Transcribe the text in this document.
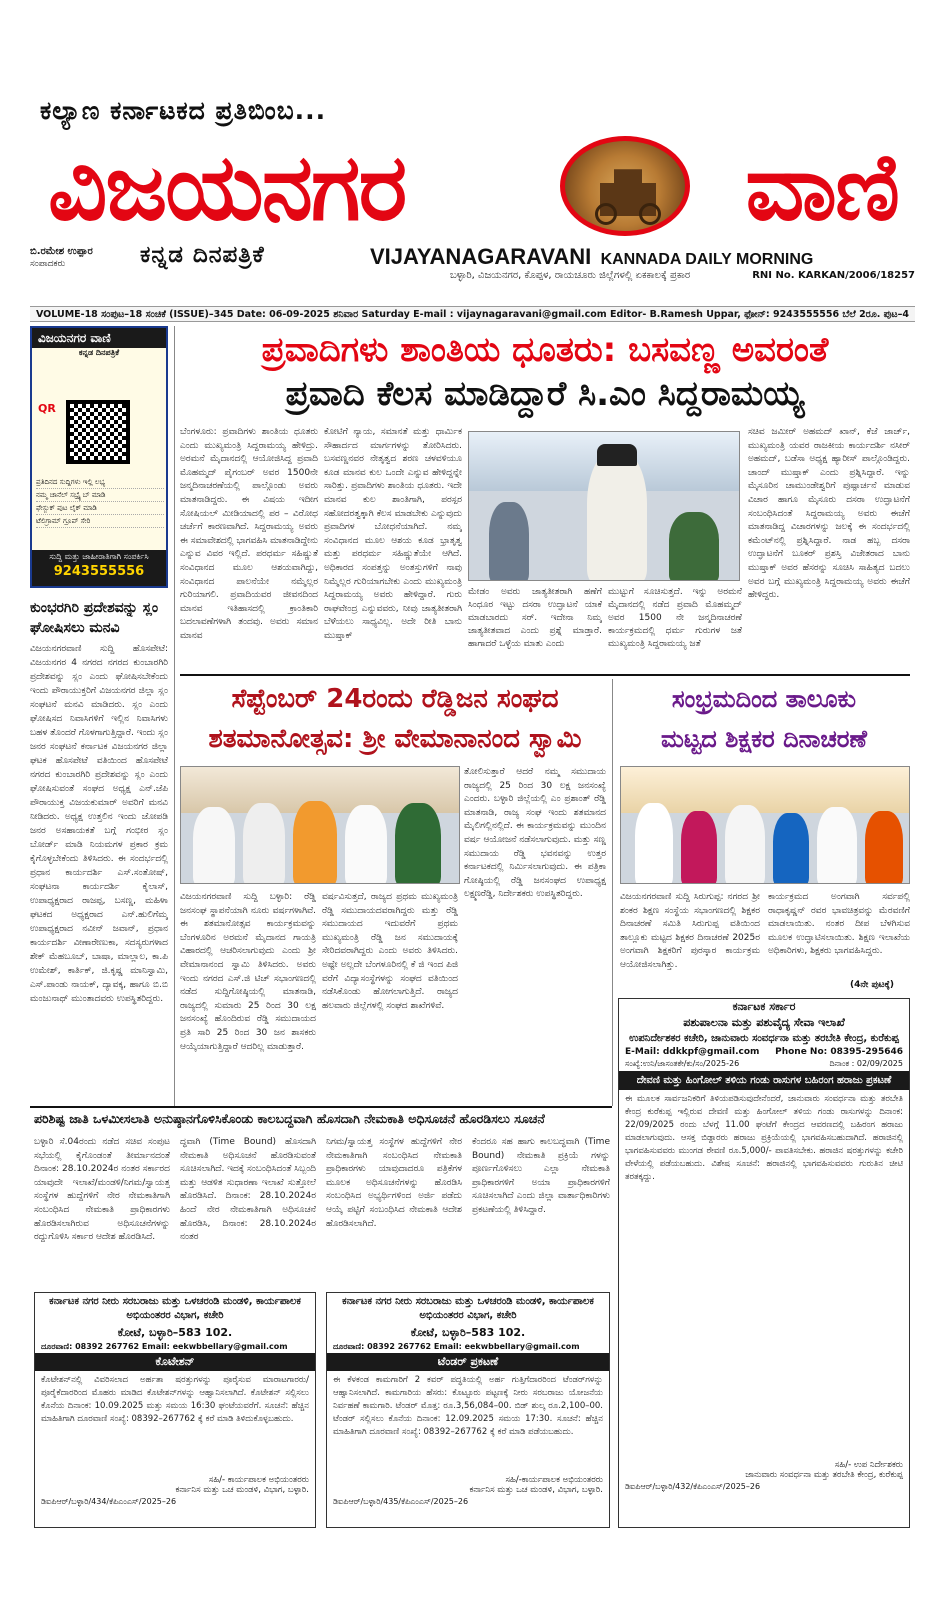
ಕಲ್ಯಾಣ ಕರ್ನಾಟಕದ ಪ್ರತಿಬಿಂಬ...
ವಿಜಯನಗರ	ವಾಣಿ
ಬಿ.ರಮೇಶ ಉಪ್ಪಾರ
ಸಂಪಾದಕರು	ಕನ್ನಡ ದಿನಪತ್ರಿಕೆ	VIJAYANAGARAVANI KANNADA DAILY MORNING
ಬಳ್ಳಾರಿ, ವಿಜಯನಗರ, ಕೊಪ್ಪಳ, ರಾಯಚೂರು ಜಿಲ್ಲೆಗಳಲ್ಲಿ ಏಕಕಾಲಕ್ಕೆ ಪ್ರಕಾರ	RNI No. KARKAN/2006/18257
VOLUME-18 ಸಂಪುಟ–18 ಸಂಚಿಕೆ (ISSUE)–345 Date: 06-09-2025 ಶನಿವಾರ Saturday E-mail : vijaynagaravani@gmail.com Editor- B.Ramesh Uppar, ಫೋನ್: 9243555556 ಬೆಲೆ 2ರೂ. ಪುಟ–4
ವಿಜಯನಗರ ವಾಣಿ
ಕನ್ನಡ ದಿನಪತ್ರಿಕೆ
QR
ಪ್ರತಿದಿನದ ಸುದ್ದಿಗಳು ಇಲ್ಲಿ ಲಭ್ಯ
ನಮ್ಮ ಚಾನೆಲ್ ಸಬ್ಸ್ಕ್ರೈಬ್ ಮಾಡಿ
ಫೇಸ್ಬುಕ್ ಪುಟ ಲೈಕ್ ಮಾಡಿ
ಟೆಲಿಗ್ರಾಮ್ ಗ್ರೂಪ್ ಸೇರಿ
ಸುದ್ದಿ ಮತ್ತು ಜಾಹೀರಾತಿಗಾಗಿ ಸಂಪರ್ಕಿಸಿ
9243555556
ಕುಂಭರಗಿರಿ ಪ್ರದೇಶವನ್ನು ಸ್ಲಂ ಘೋಷಿಸಲು ಮನವಿ
ವಿಜಯನಗರವಾಣಿ ಸುದ್ದಿ ಹೊಸಪೇಟೆ: ವಿಜಯನಗರ 4 ನಗರದ ನಗರದ ಕುಂಬಾರಗಿರಿ ಪ್ರದೇಶವನ್ನು ಸ್ಲಂ ಎಂದು ಘೋಷಿಸಬೇಕೆಂದು ಇಂದು ಪೌರಾಯುಕ್ತರಿಗೆ ವಿಜಯನಗರ ಜಿಲ್ಲಾ ಸ್ಲಂ ಸಂಘಟನೆ ಮನವಿ ಮಾಡಿದರು. ಸ್ಲಂ ಎಂದು ಘೋಷಿಸದ ನಿವಾಸಿಗಳಿಗೆ ಇಲ್ಲಿನ ನಿವಾಸಿಗಳು ಬಹಳ ತೊಂದರೆ ಗೊಳಗಾಗುತ್ತಿದ್ದಾರೆ. ಇಂದು ಸ್ಲಂ ಜನರ ಸಂಘಟನೆ ಕರ್ನಾಟಕ ವಿಜಯನಗರ ಜಿಲ್ಲಾ ಘಟಕ ಹೊಸಪೇಟೆ ವತಿಯಿಂದ ಹೊಸಪೇಟೆ ನಗರದ ಕುಂಬಾರಗಿರಿ ಪ್ರದೇಶವನ್ನು ಸ್ಲಂ ಎಂದು ಘೋಷಿಸುವಂತೆ ಸಂಘದ ಅಧ್ಯಕ್ಷ ಎನ್.ಜೆಪಿ ಪೌರಾಯುಕ್ತ ವಿಜಯಕುಮಾರ್ ಅವರಿಗೆ ಮನವಿ ನೀಡಿದರು. ಅಧ್ಯಕ್ಷ ಉತ್ತಲಿನ ಇಂದು ಜೋಪಡಿ ಜನರ ಅಸಹಾಯಕತೆ ಬಗ್ಗೆ ಗಂಭೀರ ಸ್ಲಂ ಬೋರ್ಡ್ ಮಾಡಿ ನಿಯಮಗಳ ಪ್ರಕಾರ ಕ್ರಮ ಕೈಗೊಳ್ಳಬೇಕೆಂದು ತಿಳಿಸಿದರು. ಈ ಸಂದರ್ಭದಲ್ಲಿ ಪ್ರಧಾನ ಕಾರ್ಯದರ್ಶಿ ಎಸ್.ಸಂತೋಷ್, ಸಂಘಟನಾ ಕಾರ್ಯದರ್ಶಿ ಕೈಲಾಸ್, ಉಪಾಧ್ಯಕ್ಷರಾದ ರಾಜಪ್ಪ, ಬಸಣ್ಣ, ಮಹಿಳಾ ಘಟಕದ ಅಧ್ಯಕ್ಷರಾದ ಎನ್.ಹುಲಿಗೆಮ್ಮ ಉಪಾಧ್ಯಕ್ಷರಾದ ನವೀನ್ ಜವಾನ್, ಪ್ರಧಾನ ಕಾರ್ಯದರ್ಶಿ ವೀಣಾರೇಣುಕಾ, ಸದಸ್ಯರುಗಳಾದ ಶೇಕ್ ಮೆಹಬೂಬ್, ಬಾಷಾ, ಮಾಲ್ಲಾಲ, ಕಾ.ಪಿ ಉಮೇಶ್, ಕಾರ್ತಿಕ್, ಜಿ.ಕೃಷ್ಣ ಮಾನಿಸ್ವಾಮಿ, ಎಸ್.ಪಾಂಡು ನಾಯಕ್, ದ್ಯಾವಕ್ಕ, ಹಾಗೂ ಬಿ.ಬಿ ಮಂಜುನಾಥ್ ಮುಂತಾದವರು ಉಪಸ್ಥಿತರಿದ್ದರು.
ಪ್ರವಾದಿಗಳು ಶಾಂತಿಯ ಧೂತರು: ಬಸವಣ್ಣ ಅವರಂತೆ
ಪ್ರವಾದಿ ಕೆಲಸ ಮಾಡಿದ್ದಾರೆ ಸಿ.ಎಂ ಸಿದ್ದರಾಮಯ್ಯ
ಬೆಂಗಳೂರು: ಪ್ರವಾದಿಗಳು ಶಾಂತಿಯ ಧೂತರು ಎಂದು ಮುಖ್ಯಮಂತ್ರಿ ಸಿದ್ದರಾಮಯ್ಯ ಹೇಳಿದ್ರು. ಅರಮನೆ ಮೈದಾನದಲ್ಲಿ ಆಯೋಜಿಸಿದ್ದ ಪ್ರವಾದಿ ಮೊಹಮ್ಮದ್ ಪೈಗಂಬರ್ ಅವರ 1500ನೇ ಜನ್ಮದಿನಾಚರಣೆಯಲ್ಲಿ ಪಾಲ್ಗೊಂಡು ಅವರು ಮಾತನಾಡಿದ್ದರು. ಈ ವಿಷಯ ಇದೀಗ ಸೋಷಿಯಲ್ ಮೀಡಿಯಾದಲ್ಲಿ ಪರ – ವಿರೋಧ ಚರ್ಚೆಗೆ ಕಾರಣವಾಗಿದೆ. ಸಿದ್ದರಾಮಯ್ಯ ಅವರು ಈ ಸಮಾವೇಶದಲ್ಲಿ ಭಾಗವಹಿಸಿ ಮಾತನಾಡಿದ್ದೇನು ಎನ್ನುವ ವಿವರ ಇಲ್ಲಿದೆ. ಪರಧರ್ಮ ಸಹಿಷ್ಣುತೆ ಸಂವಿಧಾನದ ಮೂಲ ಆಶಯವಾಗಿದ್ದು, ಸಂವಿಧಾನದ ಪಾಲನೆಯೇ ನಮ್ಮೆಲ್ಲರ ಗುರಿಯಾಗಲಿ. ಪ್ರವಾದಿಯವರ ಜೀವನದಿಂದ ಮಾನವ ಇತಿಹಾಸದಲ್ಲಿ ಕ್ರಾಂತಿಕಾರಿ ಬದಲಾವಣೆಗಳಾಗಿ ತಂದವು. ಅವರು ಸಮಾನ ಮಾನವ
ಕೋಟಿಗೆ ನ್ಯಾಯ, ಸಮಾನತೆ ಮತ್ತು ಧಾರ್ಮಿಕ ಸೌಹಾರ್ದದ ಮಾರ್ಗಗಳನ್ನು ತೋರಿಸಿದರು. ಬಸವಣ್ಣನವರ ನೇತೃತ್ವದ ಶರಣ ಚಳವಳಿಯೂ ಕೂಡ ಮಾನವ ಕುಲ ಒಂದೇ ಎನ್ನುವ ಹೇಳಿದ್ದನ್ನೇ ಸಾರಿತ್ತು. ಪ್ರವಾದಿಗಳು ಶಾಂತಿಯ ಧೂತರು. ಇದೇ ಮಾನವ ಕುಲ ಶಾಂತಿಗಾಗಿ, ಪರಸ್ಪರ ಸಹೋದರತ್ವಕ್ಕಾಗಿ ಕೆಲಸ ಮಾಡಬೇಕು ಎನ್ನುವುದು ಪ್ರವಾದಿಗಳ ಬೋಧನೆಯಾಗಿದೆ. ನಮ್ಮ ಸಂವಿಧಾನದ ಮೂಲ ಆಶಯ ಕೂಡ ಭ್ರಾತೃತ್ವ ಮತ್ತು ಪರಧರ್ಮ ಸಹಿಷ್ಣುತೆಯೇ ಆಗಿದೆ. ಅಧಿಕಾರದ ಸಂಪತ್ತನ್ನು ಅಂತಸ್ತುಗಳಿಗೆ ನಾವು ನಿಮ್ಮೆಲ್ಲರ ಗುರಿಯಾಗಬೇಕು ಎಂದು ಮುಖ್ಯಮಂತ್ರಿ ಸಿದ್ದರಾಮಯ್ಯ ಅವರು ಹೇಳಿದ್ದಾರೆ. ಗುರು ರಾಘವೇಂದ್ರ ಎನ್ನುವವರು, ನೀವು ಜಾತ್ಯತೀತರಾಗಿ ಬೆಳೆಯಲು ಸಾಧ್ಯವಿಲ್ಲ. ಅದೇ ರೀತಿ ಬಾನು ಮುಷ್ತಾಕ್
ಮೇಡಂ ಅವರು ಜಾತ್ಯತೀತರಾಗಿ ಹಣೆಗೆ ಸಿಂಧೂರ ಇಟ್ಟು ದಸರಾ ಉದ್ಘಾಟನೆ ಯಾಕೆ ಮಾಡಬಾರದು ಸರ್. ಇದೇನಾ ನಿಮ್ಮ ಜಾತ್ಯತೀತವಾದ ಎಂದು ಪ್ರಶ್ನೆ ಮಾಡ್ತಾರೆ. ಹಾಗಾದರೆ ಒಳ್ಳೆಯ ಮಾತು ಎಂದು
ಮುಟ್ಟುಗೆ ಸೂಚಿಸುತ್ತದೆ. ಇನ್ನು ಅರಮನೆ ಮೈದಾನದಲ್ಲಿ ನಡೆದ ಪ್ರವಾದಿ ಮೊಹಮ್ಮದ್ ಅವರ 1500 ನೇ ಜನ್ಮದಿನಾಚರಣೆ ಕಾರ್ಯಕ್ರಮದಲ್ಲಿ ಧರ್ಮ ಗುರುಗಳ ಜತೆ ಮುಖ್ಯಮಂತ್ರಿ ಸಿದ್ದರಾಮಯ್ಯ ಜತೆ
ಸಚಿವ ಜಮೀರ್ ಅಹಮದ್ ಖಾನ್, ಕೆಜೆ ಜಾರ್ಜ್, ಮುಖ್ಯಮಂತ್ರಿ ಯವರ ರಾಜಕೀಯ ಕಾರ್ಯದರ್ಶಿ ನಸೀರ್ ಅಹಮದ್, ಬಡೆಸಾ ಅಧ್ಯಕ್ಷ ಹ್ಯಾರೀಸ್ ಪಾಲ್ಗೊಂಡಿದ್ದರು. ಚಾಂದ್ ಮುಷ್ತಾಕ್ ಎಂದು ಪ್ರಶ್ನಿಸಿದ್ದಾರೆ. ಇನ್ನು ಮೈಸೂರಿನ ಚಾಮುಂಡೇಶ್ವರಿಗೆ ಪುಷ್ಪಾರ್ಚನೆ ಮಾಡುವ ವಿಚಾರ ಹಾಗೂ ಮೈಸೂರು ದಸರಾ ಉದ್ಘಾಟನೆಗೆ ಸಂಬಂಧಿಸಿದಂತೆ ಸಿದ್ದರಾಮಯ್ಯ ಅವರು ಈಚೆಗೆ ಮಾತನಾಡಿದ್ದ ವಿಚಾರಗಳನ್ನು ಜಲಕ್ಕೆ ಈ ಸಂದರ್ಭದಲ್ಲಿ ಕಮೆಂಟ್‌ನಲ್ಲಿ ಪ್ರಶ್ನಿಸಿದ್ದಾರೆ. ನಾಡ ಹಬ್ಬ ದಸರಾ ಉದ್ಘಾಟನೆಗೆ ಬೂಕರ್ ಪ್ರಶಸ್ತಿ ವಿಜೇತರಾದ ಬಾನು ಮುಷ್ತಾಕ್ ಅವರ ಹೆಸರನ್ನು ಸೂಚಿಸಿ ಸಾಹಿತ್ಯದ ಬದಲು ಅವರ ಬಗ್ಗೆ ಮುಖ್ಯಮಂತ್ರಿ ಸಿದ್ದರಾಮಯ್ಯ ಅವರು ಈಚೆಗೆ ಹೇಳಿದ್ದರು.
ಸೆಪ್ಟೆಂಬರ್ 24ರಂದು ರೆಡ್ಡಿಜನ ಸಂಘದ
ಶತಮಾನೋತ್ಸವ: ಶ್ರೀ ವೇಮಾನಾನಂದ ಸ್ವಾಮಿ
ವಿಜಯನಗರವಾಣಿ ಸುದ್ದಿ ಬಳ್ಳಾರಿ: ರೆಡ್ಡಿ ಜನಸಂಘ ಸ್ಥಾಪನೆಯಾಗಿ ನೂರು ವರ್ಷಗಳಾಗಿವೆ. ಈ ಶತಮಾನೋತ್ಸವ ಕಾರ್ಯಕ್ರಮವನ್ನು ಬೆಂಗಳೂರಿನ ಅರಮನೆ ಮೈದಾನದ ಗಾಯತ್ರಿ ವಿಹಾರದಲ್ಲಿ ಆಚರಿಸಲಾಗುವುದು ಎಂದು ಶ್ರೀ ವೇಮಾನಾನಂದ ಸ್ವಾಮಿ ತಿಳಿಸಿದರು. ಅವರು ಇಂದು ನಗರದ ಎಸ್.ಜಿ ಟಿಚ್ ಸಭಾಂಗಣದಲ್ಲಿ ನಡೆದ ಸುದ್ದಿಗೋಷ್ಠಿಯಲ್ಲಿ ಮಾತನಾಡಿ, ರಾಜ್ಯದಲ್ಲಿ ಸುಮಾರು 25 ರಿಂದ 30 ಲಕ್ಷ ಜನಸಂಖ್ಯೆ ಹೊಂದಿರುವ ರೆಡ್ಡಿ ಸಮುದಾಯದ ಪ್ರತಿ ಸಾರಿ 25 ರಿಂದ 30 ಜನ ಶಾಸಕರು ಆಯ್ಕೆಯಾಗುತ್ತಿದ್ದಾರೆ ಆದರಿಲ್ಲ ಮಾಡುತ್ತಾರೆ.
ವರ್ಷವಿಸುತ್ತದೆ, ರಾಜ್ಯದ ಪ್ರಥಮ ಮುಖ್ಯಮಂತ್ರಿ ರೆಡ್ಡಿ ಸಮುದಾಯದವರಾಗಿದ್ದರು ಮತ್ತು ರೆಡ್ಡಿ ಸಮುದಾಯದ ಇದುವರೆಗೆ ಪ್ರಥಮ ಮುಖ್ಯಮಂತ್ರಿ ರೆಡ್ಡಿ ಜನ ಸಮುದಾಯಕ್ಕೆ ಸೇರಿದವರಾಗಿದ್ದರು ಎಂದು ಅವರು ತಿಳಿಸಿದರು. ಅಷ್ಟೇ ಅಲ್ಲದೇ ಬೆಂಗಳೂರಿನಲ್ಲಿ ಕೆ ಜಿ ಇಂದ ಪಿಜಿ ವರೆಗೆ ವಿದ್ಯಾಸಂಸ್ಥೆಗಳನ್ನು ಸಂಘದ ವತಿಯಿಂದ ನಡೆಸಿಕೊಂಡು ಹೋಗಲಾಗುತ್ತಿದೆ. ರಾಜ್ಯದ ಹಲವಾರು ಜಿಲ್ಲೆಗಳಲ್ಲಿ ಸಂಘದ ಶಾಖೆಗಳಿವೆ.
ತೋಲಿಸುತ್ತಾರೆ ಆದರೆ ನಮ್ಮ ಸಮುದಾಯ ರಾಜ್ಯದಲ್ಲಿ 25 ರಿಂದ 30 ಲಕ್ಷ ಜನಸಂಖ್ಯೆ ಎಂದರು. ಬಳ್ಳಾರಿ ಜಿಲ್ಲೆಯಲ್ಲಿ ಎಂ ಪ್ರಶಾಂತ್ ರೆಡ್ಡಿ ಮಾತನಾಡಿ, ರಾಜ್ಯ ಸಂಘ ಇಂದು ಶತಮಾನದ ಮೈಲಿಗಲ್ಲಿನಲ್ಲಿದೆ. ಈ ಕಾರ್ಯಕ್ರಮವನ್ನು ಮುಂದಿನ ವರ್ಷ ಆಯೋಜನೆ ನಡೆಸಲಾಗುವುದು. ಮತ್ತು ಸಣ್ಣ ಸಮುದಾಯ ರೆಡ್ಡಿ ಭವನವನ್ನು ಉತ್ತರ ಕರ್ನಾಟಕದಲ್ಲಿ ನಿರ್ಮಿಸಲಾಗುವುದು. ಈ ಪತ್ರಿಕಾ ಗೋಷ್ಠಿಯಲ್ಲಿ ರೆಡ್ಡಿ ಜನಸಂಘದ ಉಪಾಧ್ಯಕ್ಷ ಲಕ್ಷ್ಮಣರೆಡ್ಡಿ, ನಿರ್ದೇಶಕರು ಉಪಸ್ಥಿತರಿದ್ದರು.
ಸಂಭ್ರಮದಿಂದ ತಾಲೂಕು
ಮಟ್ಟದ ಶಿಕ್ಷಕರ ದಿನಾಚರಣೆ
ವಿಜಯನಗರವಾಣಿ ಸುದ್ದಿ ಸಿರುಗುಪ್ಪ: ನಗರದ ಶ್ರೀ ಶಂಕರ ಶಿಕ್ಷಣ ಸಂಸ್ಥೆಯ ಸಭಾಂಗಣದಲ್ಲಿ ಶಿಕ್ಷಕರ ದಿನಾಚರಣೆ ಸಮಿತಿ ಸಿರುಗುಪ್ಪ ವತಿಯಿಂದ ತಾಲ್ಲೂಕು ಮಟ್ಟದ ಶಿಕ್ಷಕರ ದಿನಾಚರಣೆ 2025ರ ಅಂಗವಾಗಿ ಶಿಕ್ಷಕರಿಗೆ ಪುರಸ್ಕಾರ ಕಾರ್ಯಕ್ರಮ ಆಯೋಜಿಸಲಾಗಿತ್ತು.
ಕಾರ್ಯಕ್ರಮದ ಅಂಗವಾಗಿ ಸರ್ವಪಲ್ಲಿ ರಾಧಾಕೃಷ್ಣನ್ ರವರ ಭಾವಚಿತ್ರವನ್ನು ಮೆರವಣಿಗೆ ಮಾಡಲಾಯಿತು. ನಂತರ ದೀಪ ಬೆಳಗಿಸುವ ಮೂಲಕ ಉದ್ಘಾಟಿಸಲಾಯಿತು. ಶಿಕ್ಷಣ ಇಲಾಖೆಯ ಅಧಿಕಾರಿಗಳು, ಶಿಕ್ಷಕರು ಭಾಗವಹಿಸಿದ್ದರು.
(4ನೇ ಪುಟಕ್ಕೆ)
ಕರ್ನಾಟಕ ಸರ್ಕಾರ
ಪಶುಪಾಲನಾ ಮತ್ತು ಪಶುವೈದ್ಯ ಸೇವಾ ಇಲಾಖೆ
ಉಪನಿರ್ದೇಶಕರ ಕಚೇರಿ, ಜಾನುವಾರು ಸಂವರ್ಧನಾ ಮತ್ತು ತರಬೇತಿ ಕೇಂದ್ರ, ಕುರೆಕುಪ್ಪ
E-Mail: ddkkpf@gmail.com Phone No: 08395-295646
ಸಂಖ್ಯೆ:ಉನಿ/ಜಾಸಂತಕೇ/ಕು/ಸಂ/2025-26	ದಿನಾಂಕ : 02/09/2025
ದೇವಣಿ ಮತ್ತು ಹಿಂಗೋಲ್ ತಳಿಯ ಗಂಡು ರಾಸುಗಳ ಬಹಿರಂಗ ಹರಾಜು ಪ್ರಕಟಣೆ
ಈ ಮೂಲಕ ಸಾರ್ವಜನಿಕರಿಗೆ ತಿಳಿಯಪಡಿಸುವುದೇನೆಂದರೆ, ಜಾನುವಾರು ಸಂವರ್ಧನಾ ಮತ್ತು ತರಬೇತಿ ಕೇಂದ್ರ ಕುರೆಕುಪ್ಪ ಇಲ್ಲಿರುವ ದೇವಣಿ ಮತ್ತು ಹಿಂಗೋಲ್ ತಳಿಯ ಗಂಡು ರಾಸುಗಳನ್ನು ದಿನಾಂಕ: 22/09/2025 ರಂದು ಬೆಳಗ್ಗೆ 11.00 ಘಂಟೆಗೆ ಕೇಂದ್ರದ ಆವರಣದಲ್ಲಿ ಬಹಿರಂಗ ಹರಾಜು ಮಾಡಲಾಗುವುದು. ಆಸಕ್ತ ಬಿಡ್ದಾರರು ಹರಾಜು ಪ್ರಕ್ರಿಯೆಯಲ್ಲಿ ಭಾಗವಹಿಸಬಹುದಾಗಿದೆ. ಹರಾಜಿನಲ್ಲಿ ಭಾಗವಹಿಸುವವರು ಮುಂಗಡ ಠೇವಣಿ ರೂ.5,000/- ಪಾವತಿಸಬೇಕು. ಹರಾಜಿನ ಷರತ್ತುಗಳನ್ನು ಕಚೇರಿ ವೇಳೆಯಲ್ಲಿ ಪಡೆಯಬಹುದು. ವಿಶೇಷ ಸೂಚನೆ: ಹರಾಜಿನಲ್ಲಿ ಭಾಗವಹಿಸುವವರು ಗುರುತಿನ ಚೀಟಿ ತರತಕ್ಕದ್ದು.
ಸಹಿ/- ಉಪ ನಿರ್ದೇಶಕರು
ಜಾನುವಾರು ಸಂವರ್ಧನಾ ಮತ್ತು ತರಬೇತಿ ಕೇಂದ್ರ, ಕುರೆಕುಪ್ಪ
ಡಿಐಪಿಆರ್/ಬಳ್ಳಾರಿ/432/ಕೆಪಿಎಂಎಸ್/2025–26
ಪರಿಶಿಷ್ಟ ಜಾತಿ ಒಳಮೀಸಲಾತಿ ಅನುಷ್ಠಾನಗೊಳಿಸಿಕೊಂಡು ಕಾಲಬದ್ಧವಾಗಿ ಹೊಸದಾಗಿ ನೇಮಕಾತಿ ಅಧಿಸೂಚನೆ ಹೊರಡಿಸಲು ಸೂಚನೆ
ಬಳ್ಳಾರಿ ಸೆ.04ರಂದು ನಡೆದ ಸಚಿವ ಸಂಪುಟ ಸಭೆಯಲ್ಲಿ ಕೈಗೊಂಡಂತೆ ತೀರ್ಮಾನದಂತೆ ದಿನಾಂಕ: 28.10.2024ರ ನಂತರ ಸರ್ಕಾರದ ಯಾವುದೇ ಇಲಾಖೆ/ಮಂಡಳಿ/ನಿಗಮ/ಸ್ವಾಯತ್ತ ಸಂಸ್ಥೆಗಳ ಹುದ್ದೆಗಳಿಗೆ ನೇರ ನೇಮಕಾತಿಗಾಗಿ ಸಂಬಂಧಿಸಿದ ನೇಮಕಾತಿ ಪ್ರಾಧಿಕಾರಗಳು ಹೊರಡಿಸಲಾಗಿರುವ ಅಧಿಸೂಚನೆಗಳನ್ನು ರದ್ದುಗೊಳಿಸಿ ಸರ್ಕಾರ ಆದೇಶ ಹೊರಡಿಸಿದೆ.
ದ್ಧವಾಗಿ (Time Bound) ಹೊಸದಾಗಿ ನೇಮಕಾತಿ ಅಧಿಸೂಚನೆ ಹೊರಡಿಸುವಂತೆ ಸೂಚಿಸಲಾಗಿದೆ. ಇದಕ್ಕೆ ಸಂಬಂಧಿಸಿದಂತೆ ಸಿಬ್ಬಂದಿ ಮತ್ತು ಆಡಳಿತ ಸುಧಾರಣಾ ಇಲಾಖೆ ಸುತ್ತೋಲೆ ಹೊರಡಿಸಿದೆ. ದಿನಾಂಕ: 28.10.2024ರ ಹಿಂದೆ ನೇರ ನೇಮಕಾತಿಗಾಗಿ ಅಧಿಸೂಚನೆ ಹೊರಡಿಸಿ, ದಿನಾಂಕ: 28.10.2024ರ ನಂತರ
ನಿಗಮ/ಸ್ವಾಯತ್ತ ಸಂಸ್ಥೆಗಳ ಹುದ್ದೆಗಳಿಗೆ ನೇರ ನೇಮಕಾತಿಗಾಗಿ ಸಂಬಂಧಿಸಿದ ನೇಮಕಾತಿ ಪ್ರಾಧಿಕಾರಗಳು ಯಾವುದಾದರೂ ಪತ್ರಿಕೆಗಳ ಮೂಲಕ ಅಧಿಸೂಚನೆಗಳನ್ನು ಹೊರಡಿಸಿ ಸಂಬಂಧಿಸಿದ ಅಭ್ಯರ್ಥಿಗಳಿಂದ ಅರ್ಜಿ ಪಡೆದು ಆಯ್ಕೆ ಪಟ್ಟಿಗೆ ಸಂಬಂಧಿಸಿದ ನೇಮಕಾತಿ ಆದೇಶ ಹೊರಡಿಸಲಾಗಿದೆ.
ಕೆಂದರೂ ಸಹ ಹಾಗು ಕಾಲಬದ್ಧವಾಗಿ (Time Bound) ನೇಮಕಾತಿ ಪ್ರಕ್ರಿಯೆ ಗಳನ್ನು ಪೂರ್ಣಗೊಳಿಸಲು ಎಲ್ಲಾ ನೇಮಕಾತಿ ಪ್ರಾಧಿಕಾರಗಳಿಗೆ ಅಯಾ ಪ್ರಾಧಿಕಾರಗಳಿಗೆ ಸೂಚಿಸಲಾಗಿದೆ ಎಂದು ಜಿಲ್ಲಾ ವಾರ್ತಾಧಿಕಾರಿಗಳು ಪ್ರಕಟಣೆಯಲ್ಲಿ ತಿಳಿಸಿದ್ದಾರೆ.
ಕರ್ನಾಟಕ ನಗರ ನೀರು ಸರಬರಾಜು ಮತ್ತು ಒಳಚರಂಡಿ ಮಂಡಳಿ, ಕಾರ್ಯಪಾಲಕ ಅಭಿಯಂತರರ ವಿಭಾಗ, ಕಚೇರಿ
ಕೋಟೆ, ಬಳ್ಳಾರಿ–583 102.
ದೂರವಾಣಿ: 08392 267762 Email: eekwbbellary@gmail.com
ಕೊಟೇಶನ್
ಕೊಟೇಶನ್‌ನಲ್ಲಿ ವಿವರಿಸಲಾದ ಅರ್ಹತಾ ಷರತ್ತುಗಳನ್ನು ಪೂರೈಸುವ ಮಾರಾಟಗಾರರು/ಪೂರೈಕೆದಾರರಿಂದ ಮೊಹರು ಮಾಡಿದ ಕೊಟೇಶನ್‌ಗಳನ್ನು ಆಹ್ವಾನಿಸಲಾಗಿದೆ. ಕೊಟೇಶನ್ ಸಲ್ಲಿಸಲು ಕೊನೆಯ ದಿನಾಂಕ: 10.09.2025 ಮತ್ತು ಸಮಯ 16:30 ಘಂಟೆಯವರೆಗೆ. ಸೂಚನೆ: ಹೆಚ್ಚಿನ ಮಾಹಿತಿಗಾಗಿ ದೂರವಾಣಿ ಸಂಖ್ಯೆ: 08392–267762 ಕ್ಕೆ ಕರೆ ಮಾಡಿ ತಿಳಿದುಕೊಳ್ಳಬಹುದು.
ಸಹಿ/- ಕಾರ್ಯಪಾಲಕ ಅಭಿಯಂತರರು
ಕರ್ನಾನಿಸ ಮತ್ತು ಒಚ ಮಂಡಳಿ, ವಿಭಾಗ, ಬಳ್ಳಾರಿ.
ಡಿಐಪಿಆರ್/ಬಳ್ಳಾರಿ/434/ಕೆಪಿಎಂಎಸ್/2025–26
ಕರ್ನಾಟಕ ನಗರ ನೀರು ಸರಬರಾಜು ಮತ್ತು ಒಳಚರಂಡಿ ಮಂಡಳಿ, ಕಾರ್ಯಪಾಲಕ ಅಭಿಯಂತರರ ವಿಭಾಗ, ಕಚೇರಿ
ಕೋಟೆ, ಬಳ್ಳಾರಿ–583 102.
ದೂರವಾಣಿ: 08392 267762 Email: eekwbbellary@gmail.com
ಟೆಂಡರ್ ಪ್ರಕಟಣೆ
ಈ ಕೆಳಕಂಡ ಕಾಮಗಾರಿಗೆ 2 ಕವರ್ ಪದ್ಧತಿಯಲ್ಲಿ ಅರ್ಹ ಗುತ್ತಿಗೆದಾರರಿಂದ ಟೆಂಡರ್‌ಗಳನ್ನು ಆಹ್ವಾನಿಸಲಾಗಿದೆ. ಕಾಮಗಾರಿಯ ಹೆಸರು: ಕೊಟ್ಟೂರು ಪಟ್ಟಣಕ್ಕೆ ನೀರು ಸರಬರಾಜು ಯೋಜನೆಯ ನಿರ್ವಹಣೆ ಕಾಮಗಾರಿ. ಟೆಂಡರ್ ಮೊತ್ತ: ರೂ.3,56,084–00. ಬಿಡ್ ಶುಲ್ಕ ರೂ.2,100–00. ಟೆಂಡರ್ ಸಲ್ಲಿಸಲು ಕೊನೆಯ ದಿನಾಂಕ: 12.09.2025 ಸಮಯ 17:30. ಸೂಚನೆ: ಹೆಚ್ಚಿನ ಮಾಹಿತಿಗಾಗಿ ದೂರವಾಣಿ ಸಂಖ್ಯೆ: 08392–267762 ಕ್ಕೆ ಕರೆ ಮಾಡಿ ಪಡೆಯಬಹುದು.
ಸಹಿ/-ಕಾರ್ಯಪಾಲಕ ಅಭಿಯಂತರರು
ಕರ್ನಾನಿಸ ಮತ್ತು ಒಚ ಮಂಡಳಿ, ವಿಭಾಗ, ಬಳ್ಳಾರಿ.
ಡಿಐಪಿಆರ್/ಬಳ್ಳಾರಿ/435/ಕೆಪಿಎಂಎಸ್/2025–26
